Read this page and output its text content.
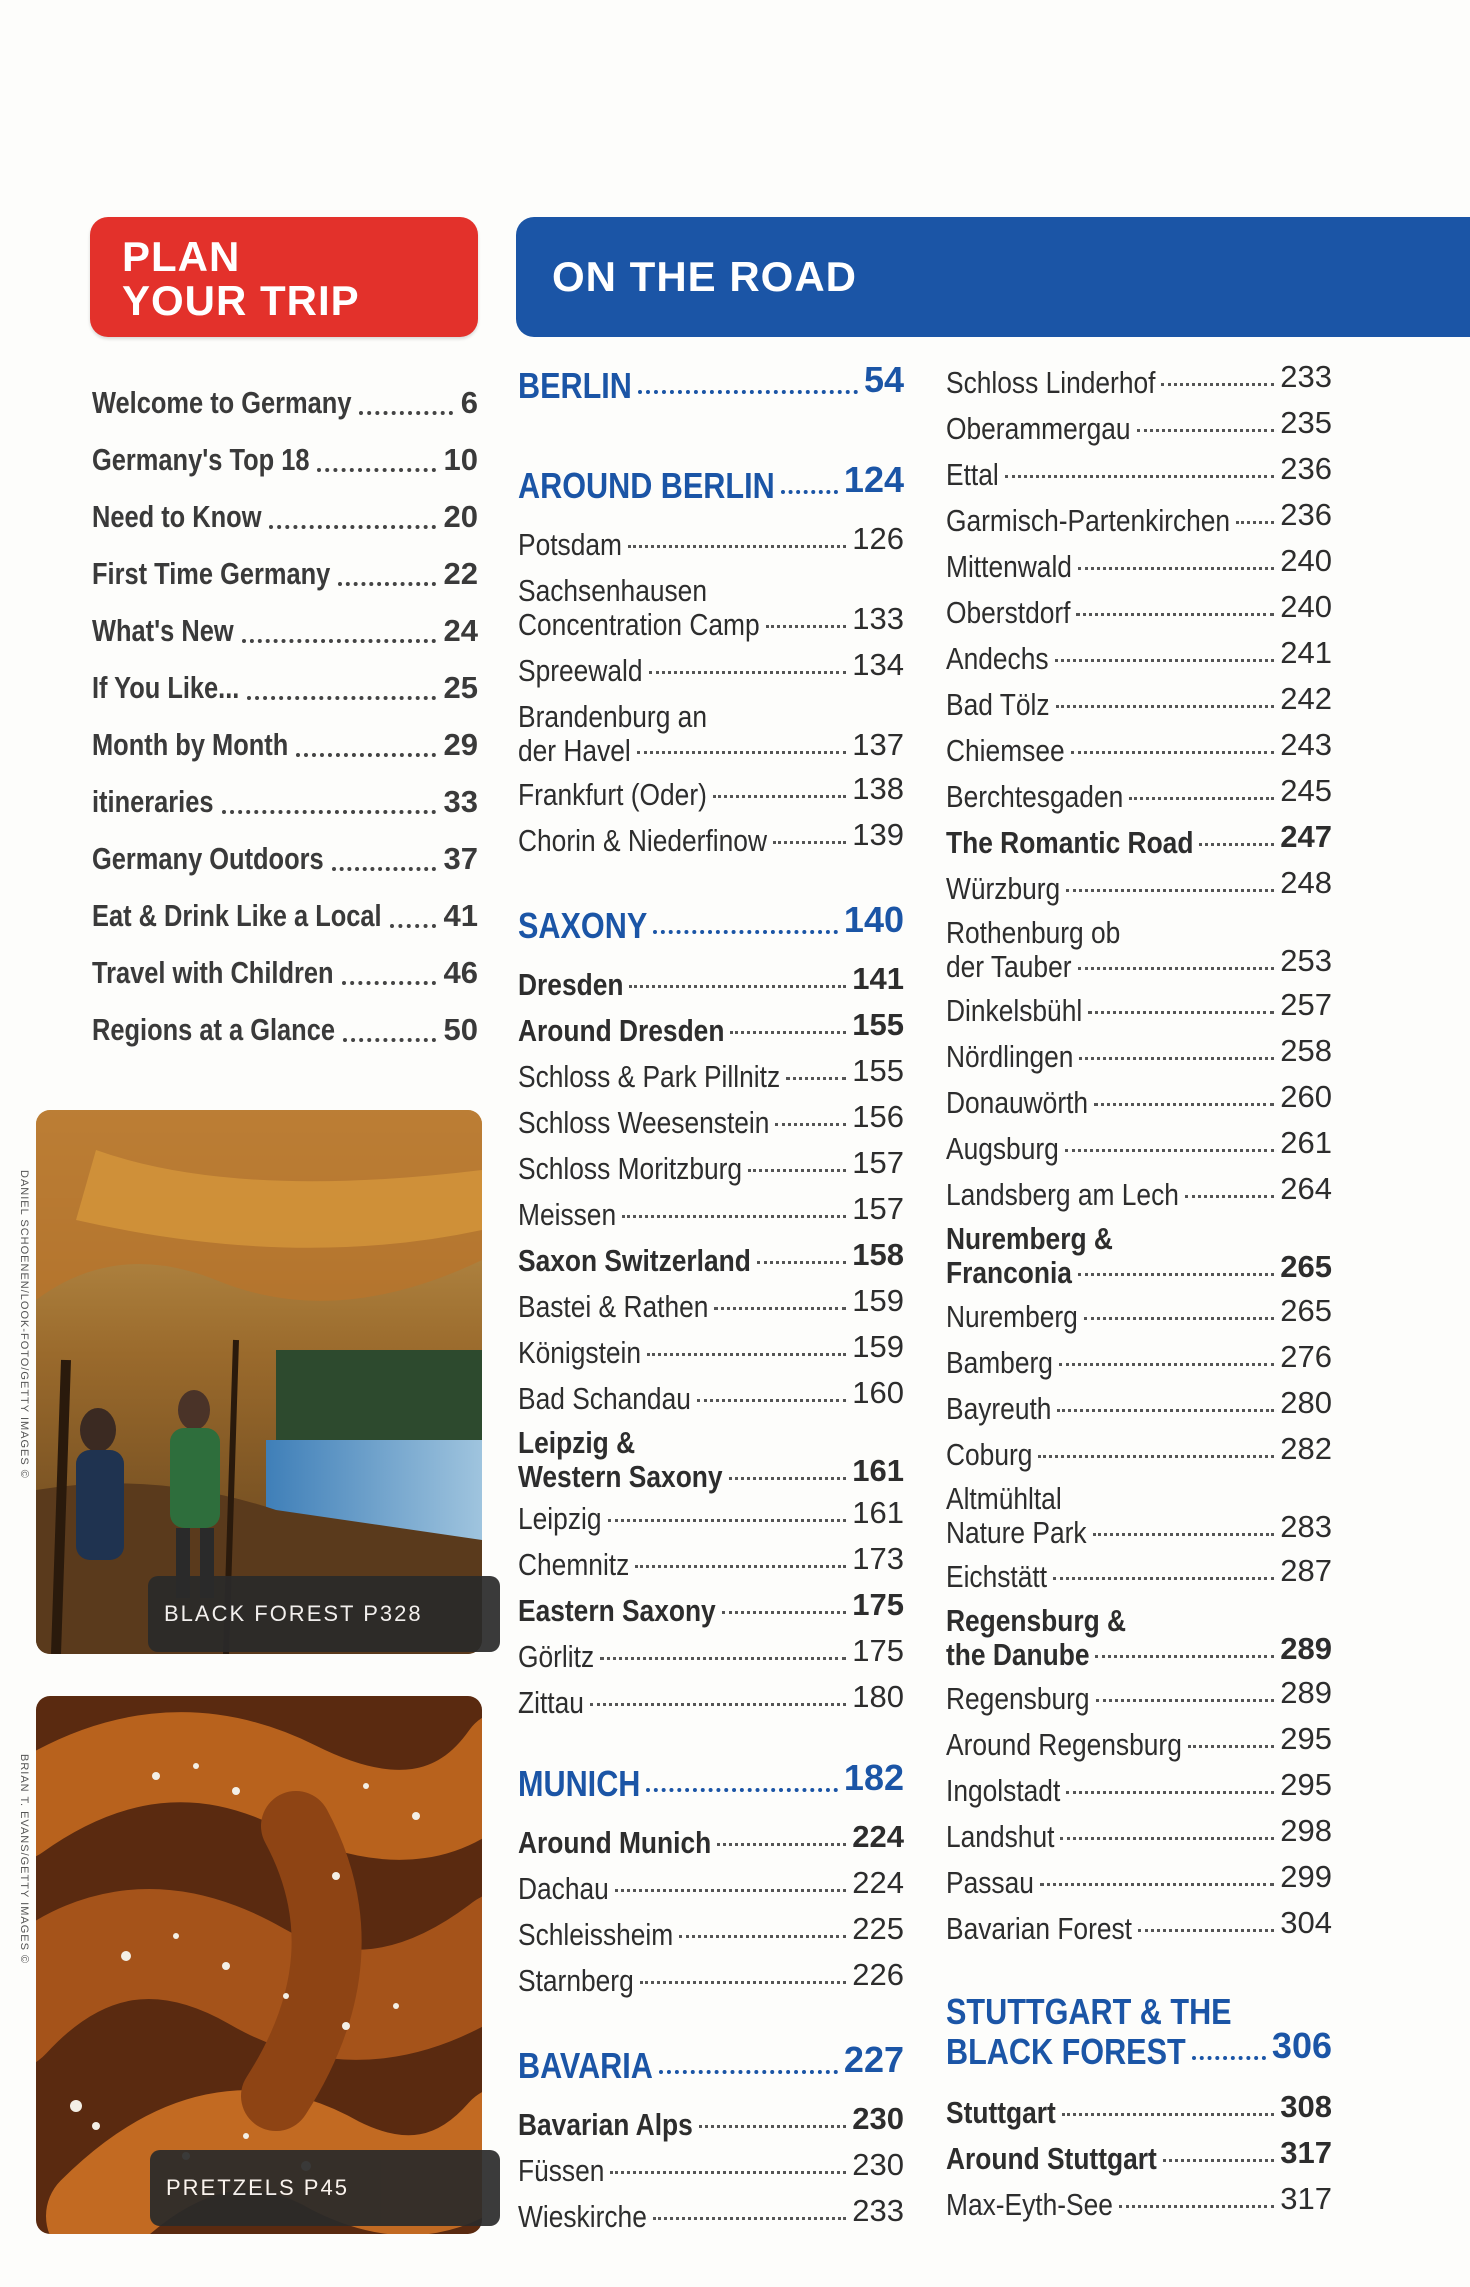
PLAN
YOUR TRIP
ON THE ROAD
Welcome to Germany	6
Germany's Top 18	10
Need to Know	20
First Time Germany	22
What's New	24
If You Like...	25
Month by Month	29
itineraries	33
Germany Outdoors	37
Eat & Drink Like a Local 41
Travel with Children	46
Regions at a Glance	50
BLACK FOREST P328
DANIEL SCHOENEN/LOOK-FOTO/GETTY IMAGES ©
PRETZELS P45
BRIAN T. EVANS/GETTY IMAGES ©
BERLIN	54
AROUND BERLIN	124
Potsdam	126
Sachsenhausen
Concentration Camp	133
Spreewald	134
Brandenburg an
der Havel	137
Frankfurt (Oder)	138
Chorin & Niederfinow	139
SAXONY	140
Dresden	141
Around Dresden	155
Schloss & Park Pillnitz	155
Schloss Weesenstein	156
Schloss Moritzburg	157
Meissen	157
Saxon Switzerland	158
Bastei & Rathen	159
Königstein	159
Bad Schandau	160
Leipzig &
Western Saxony	161
Leipzig	161
Chemnitz	173
Eastern Saxony	175
Görlitz	175
Zittau	180
MUNICH	182
Around Munich	224
Dachau	224
Schleissheim	225
Starnberg	226
BAVARIA	227
Bavarian Alps	230
Füssen	230
Wieskirche	233
Schloss Linderhof	233
Oberammergau	235
Ettal	236
Garmisch-Partenkirchen	236
Mittenwald	240
Oberstdorf	240
Andechs	241
Bad Tölz	242
Chiemsee	243
Berchtesgaden	245
The Romantic Road	247
Würzburg	248
Rothenburg ob
der Tauber	253
Dinkelsbühl	257
Nördlingen	258
Donauwörth	260
Augsburg	261
Landsberg am Lech	264
Nuremberg &
Franconia	265
Nuremberg	265
Bamberg	276
Bayreuth	280
Coburg	282
Altmühltal
Nature Park	283
Eichstätt	287
Regensburg &
the Danube	289
Regensburg	289
Around Regensburg	295
Ingolstadt	295
Landshut	298
Passau	299
Bavarian Forest	304
STUTTGART & THE
BLACK FOREST	306
Stuttgart	308
Around Stuttgart	317
Max-Eyth-See	317
